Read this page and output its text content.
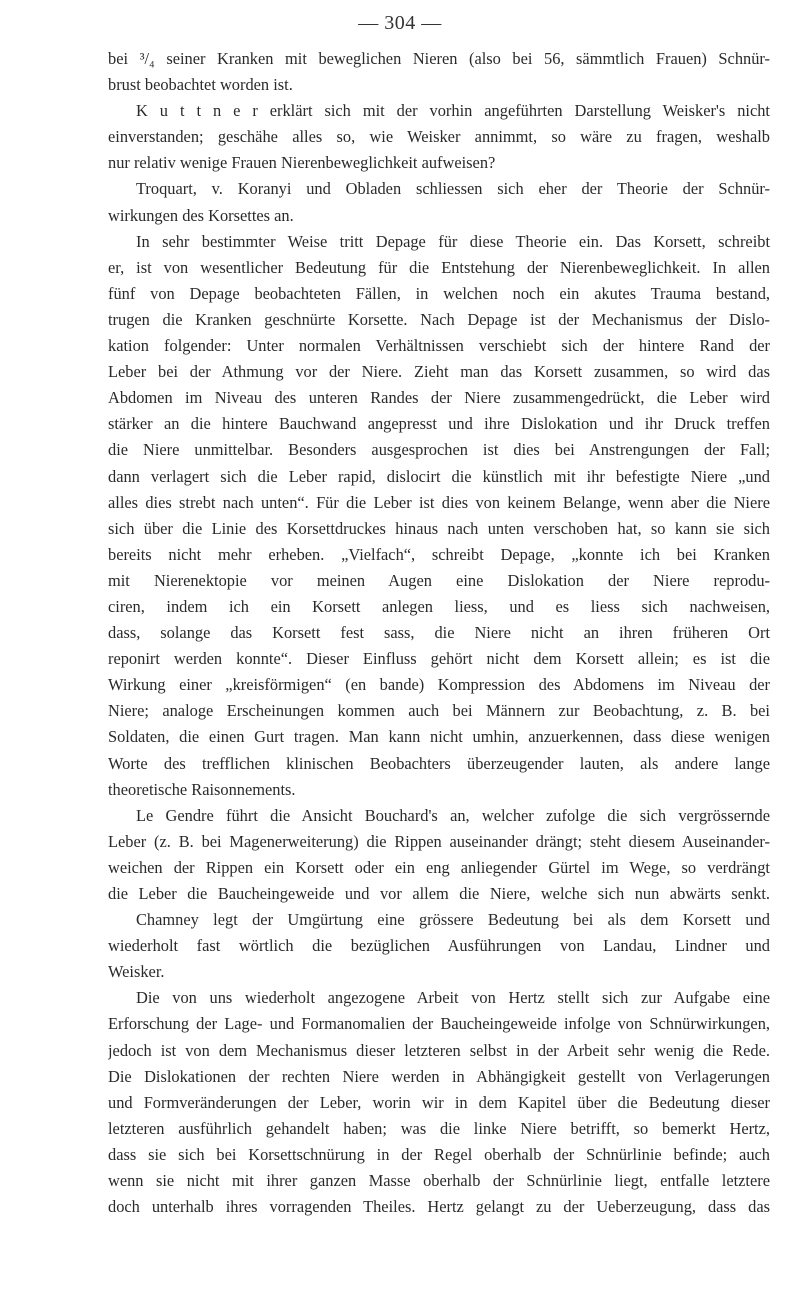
— 304 —
bei ³/₄ seiner Kranken mit beweglichen Nieren (also bei 56, sämmtlich Frauen) Schnür-
brust beobachtet worden ist.
K u t t n e r erklärt sich mit der vorhin angeführten Darstellung Weisker's nicht
einverstanden; geschähe alles so, wie Weisker annimmt, so wäre zu fragen, weshalb
nur relativ wenige Frauen Nierenbeweglichkeit aufweisen?
Troquart, v. Koranyi und Obladen schliessen sich eher der Theorie der Schnür-
wirkungen des Korsettes an.
In sehr bestimmter Weise tritt Depage für diese Theorie ein. Das Korsett, schreibt
er, ist von wesentlicher Bedeutung für die Entstehung der Nierenbeweglichkeit. In allen
fünf von Depage beobachteten Fällen, in welchen noch ein akutes Trauma bestand,
trugen die Kranken geschnürte Korsette. Nach Depage ist der Mechanismus der Dislo-
kation folgender: Unter normalen Verhältnissen verschiebt sich der hintere Rand der
Leber bei der Athmung vor der Niere. Zieht man das Korsett zusammen, so wird das
Abdomen im Niveau des unteren Randes der Niere zusammengedrückt, die Leber wird
stärker an die hintere Bauchwand angepresst und ihre Dislokation und ihr Druck treffen
die Niere unmittelbar. Besonders ausgesprochen ist dies bei Anstrengungen der Fall;
dann verlagert sich die Leber rapid, dislocirt die künstlich mit ihr befestigte Niere „und
alles dies strebt nach unten“. Für die Leber ist dies von keinem Belange, wenn aber die Niere
sich über die Linie des Korsettdruckes hinaus nach unten verschoben hat, so kann sie sich
bereits nicht mehr erheben. „Vielfach“, schreibt Depage, „konnte ich bei Kranken
mit Nierenektopie vor meinen Augen eine Dislokation der Niere reprodu-
ciren, indem ich ein Korsett anlegen liess, und es liess sich nachweisen,
dass, solange das Korsett fest sass, die Niere nicht an ihren früheren Ort
reponirt werden konnte“. Dieser Einfluss gehört nicht dem Korsett allein; es ist die
Wirkung einer „kreisförmigen“ (en bande) Kompression des Abdomens im Niveau der
Niere; analoge Erscheinungen kommen auch bei Männern zur Beobachtung, z. B. bei
Soldaten, die einen Gurt tragen. Man kann nicht umhin, anzuerkennen, dass diese wenigen
Worte des trefflichen klinischen Beobachters überzeugender lauten, als andere lange
theoretische Raisonnements.
Le Gendre führt die Ansicht Bouchard's an, welcher zufolge die sich vergrössernde
Leber (z. B. bei Magenerweiterung) die Rippen auseinander drängt; steht diesem Auseinander-
weichen der Rippen ein Korsett oder ein eng anliegender Gürtel im Wege, so verdrängt
die Leber die Baucheingeweide und vor allem die Niere, welche sich nun abwärts senkt.
Chamney legt der Umgürtung eine grössere Bedeutung bei als dem Korsett und
wiederholt fast wörtlich die bezüglichen Ausführungen von Landau, Lindner und
Weisker.
Die von uns wiederholt angezogene Arbeit von Hertz stellt sich zur Aufgabe eine
Erforschung der Lage- und Formanomalien der Baucheingeweide infolge von Schnürwirkungen,
jedoch ist von dem Mechanismus dieser letzteren selbst in der Arbeit sehr wenig die Rede.
Die Dislokationen der rechten Niere werden in Abhängigkeit gestellt von Verlagerungen
und Formveränderungen der Leber, worin wir in dem Kapitel über die Bedeutung dieser
letzteren ausführlich gehandelt haben; was die linke Niere betrifft, so bemerkt Hertz,
dass sie sich bei Korsettschnürung in der Regel oberhalb der Schnürlinie befinde; auch
wenn sie nicht mit ihrer ganzen Masse oberhalb der Schnürlinie liegt, entfalle letztere
doch unterhalb ihres vorragenden Theiles. Hertz gelangt zu der Ueberzeugung, dass das
